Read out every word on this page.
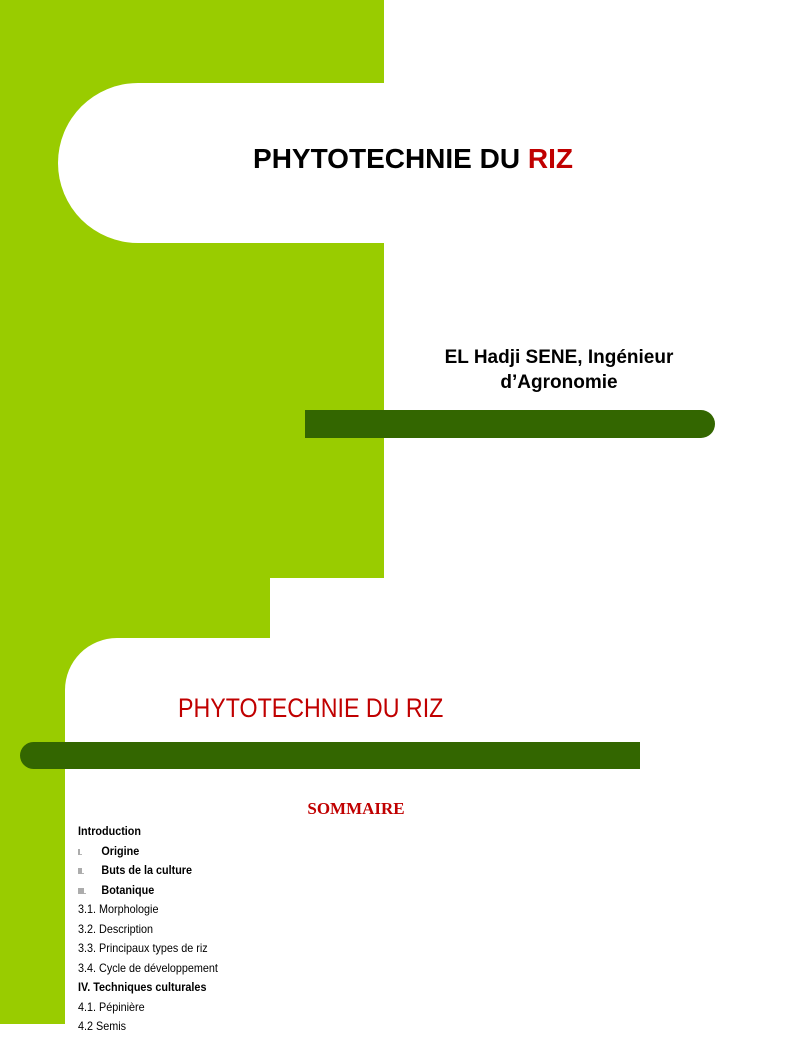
PHYTOTECHNIE DU RIZ
EL Hadji SENE, Ingénieur
d’Agronomie
PHYTOTECHNIE DU RIZ
SOMMAIRE
Introduction
I. Origine
II. Buts de la culture
III. Botanique
3.1. Morphologie
3.2. Description
3.3. Principaux types de riz
3.4. Cycle de développement
IV. Techniques culturales
4.1. Pépinière
4.2 Semis
